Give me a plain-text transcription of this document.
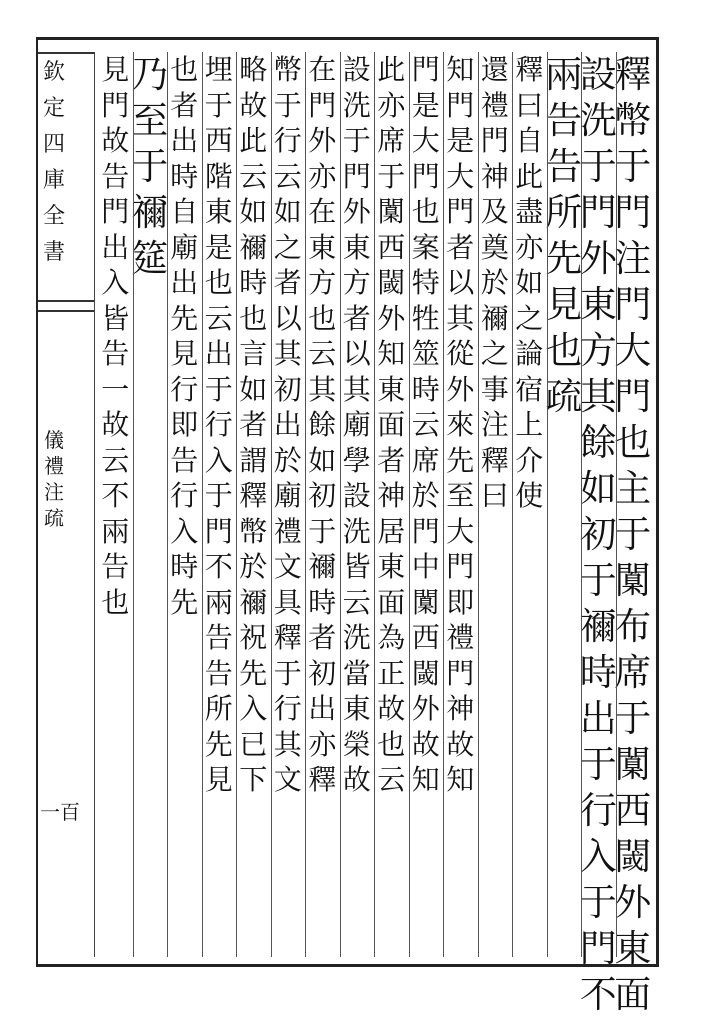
欽
定
四
庫
全
書
儀
禮
注
疏
一百
釋
幣
于
門
注
門
大
門
也
主
于
闑
布
席
于
闑
西
閾
外
東
面
設
洗
于
門
外
東
方
其
餘
如
初
于
禰
時
出
于
行
入
于
門
不
兩
告
告
所
先
見
也
疏
釋
曰
自
此
盡
亦
如
之
論
宿
上
介
使
還
禮
門
神
及
奠
於
禰
之
事
注
釋
曰
知
門
是
大
門
者
以
其
從
外
來
先
至
大
門
即
禮
門
神
故
知
門
是
大
門
也
案
特
牲
筮
時
云
席
於
門
中
闑
西
閾
外
故
知
此
亦
席
于
闑
西
閾
外
知
東
面
者
神
居
東
面
為
正
故
也
云
設
洗
于
門
外
東
方
者
以
其
廟
學
設
洗
皆
云
洗
當
東
榮
故
在
門
外
亦
在
東
方
也
云
其
餘
如
初
于
禰
時
者
初
出
亦
釋
幣
于
行
云
如
之
者
以
其
初
出
於
廟
禮
文
具
釋
于
行
其
文
略
故
此
云
如
禰
時
也
言
如
者
謂
釋
幣
於
禰
祝
先
入
已
下
埋
于
西
階
東
是
也
云
出
于
行
入
于
門
不
兩
告
告
所
先
見
也
者
出
時
自
廟
出
先
見
行
即
告
行
入
時
先
乃
至
于
禰
筵
見
門
故
告
門
出
入
皆
告
一
故
云
不
兩
告
也
